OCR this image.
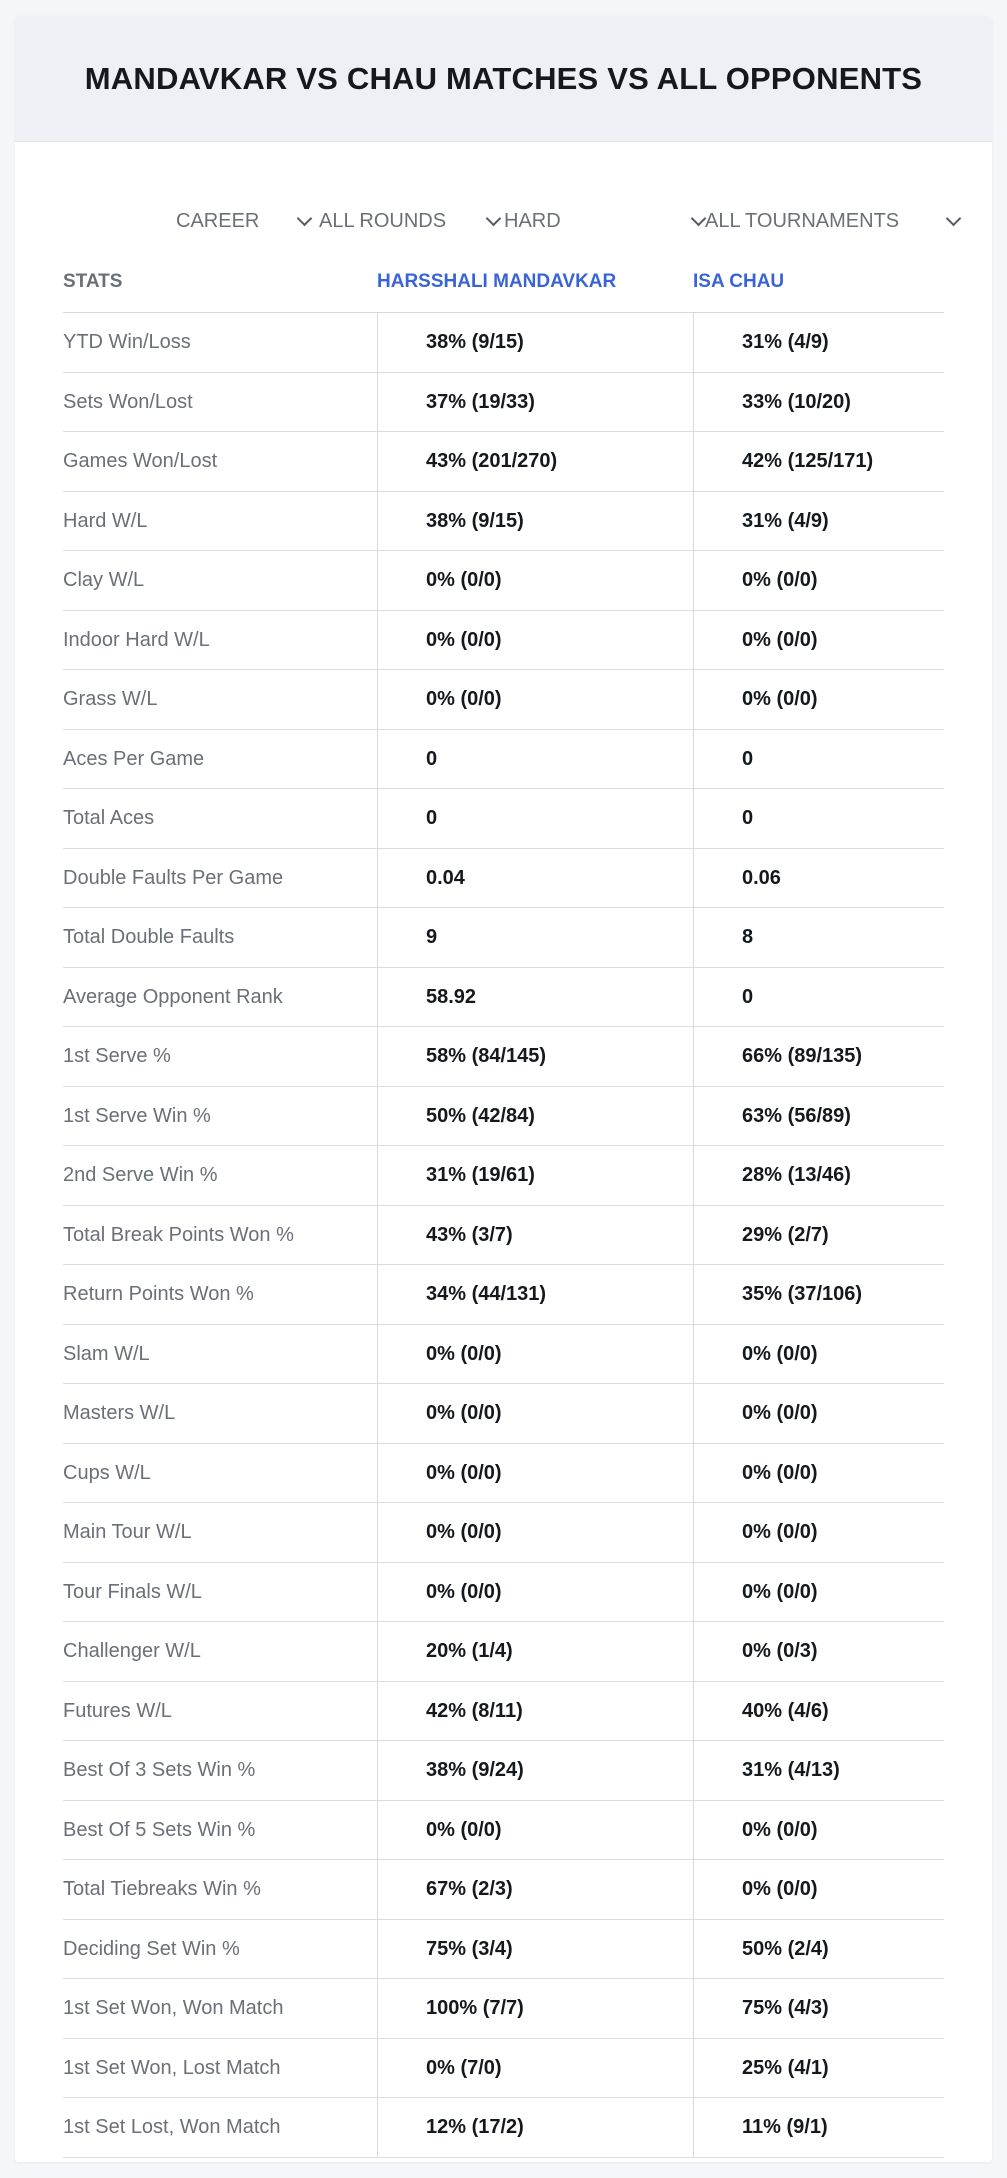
MANDAVKAR VS CHAU MATCHES VS ALL OPPONENTS
CAREER	ALL ROUNDS	HARD	ALL TOURNAMENTS
STATS	HARSSHALI MANDAVKAR	ISA CHAU
YTD Win/Loss	38% (9/15)	31% (4/9)
Sets Won/Lost	37% (19/33)	33% (10/20)
Games Won/Lost	43% (201/270)	42% (125/171)
Hard W/L	38% (9/15)	31% (4/9)
Clay W/L	0% (0/0)	0% (0/0)
Indoor Hard W/L	0% (0/0)	0% (0/0)
Grass W/L	0% (0/0)	0% (0/0)
Aces Per Game	0	0
Total Aces	0	0
Double Faults Per Game	0.04	0.06
Total Double Faults	9	8
Average Opponent Rank	58.92	0
1st Serve %	58% (84/145)	66% (89/135)
1st Serve Win %	50% (42/84)	63% (56/89)
2nd Serve Win %	31% (19/61)	28% (13/46)
Total Break Points Won %	43% (3/7)	29% (2/7)
Return Points Won %	34% (44/131)	35% (37/106)
Slam W/L	0% (0/0)	0% (0/0)
Masters W/L	0% (0/0)	0% (0/0)
Cups W/L	0% (0/0)	0% (0/0)
Main Tour W/L	0% (0/0)	0% (0/0)
Tour Finals W/L	0% (0/0)	0% (0/0)
Challenger W/L	20% (1/4)	0% (0/3)
Futures W/L	42% (8/11)	40% (4/6)
Best Of 3 Sets Win %	38% (9/24)	31% (4/13)
Best Of 5 Sets Win %	0% (0/0)	0% (0/0)
Total Tiebreaks Win %	67% (2/3)	0% (0/0)
Deciding Set Win %	75% (3/4)	50% (2/4)
1st Set Won, Won Match	100% (7/7)	75% (4/3)
1st Set Won, Lost Match	0% (7/0)	25% (4/1)
1st Set Lost, Won Match	12% (17/2)	11% (9/1)
